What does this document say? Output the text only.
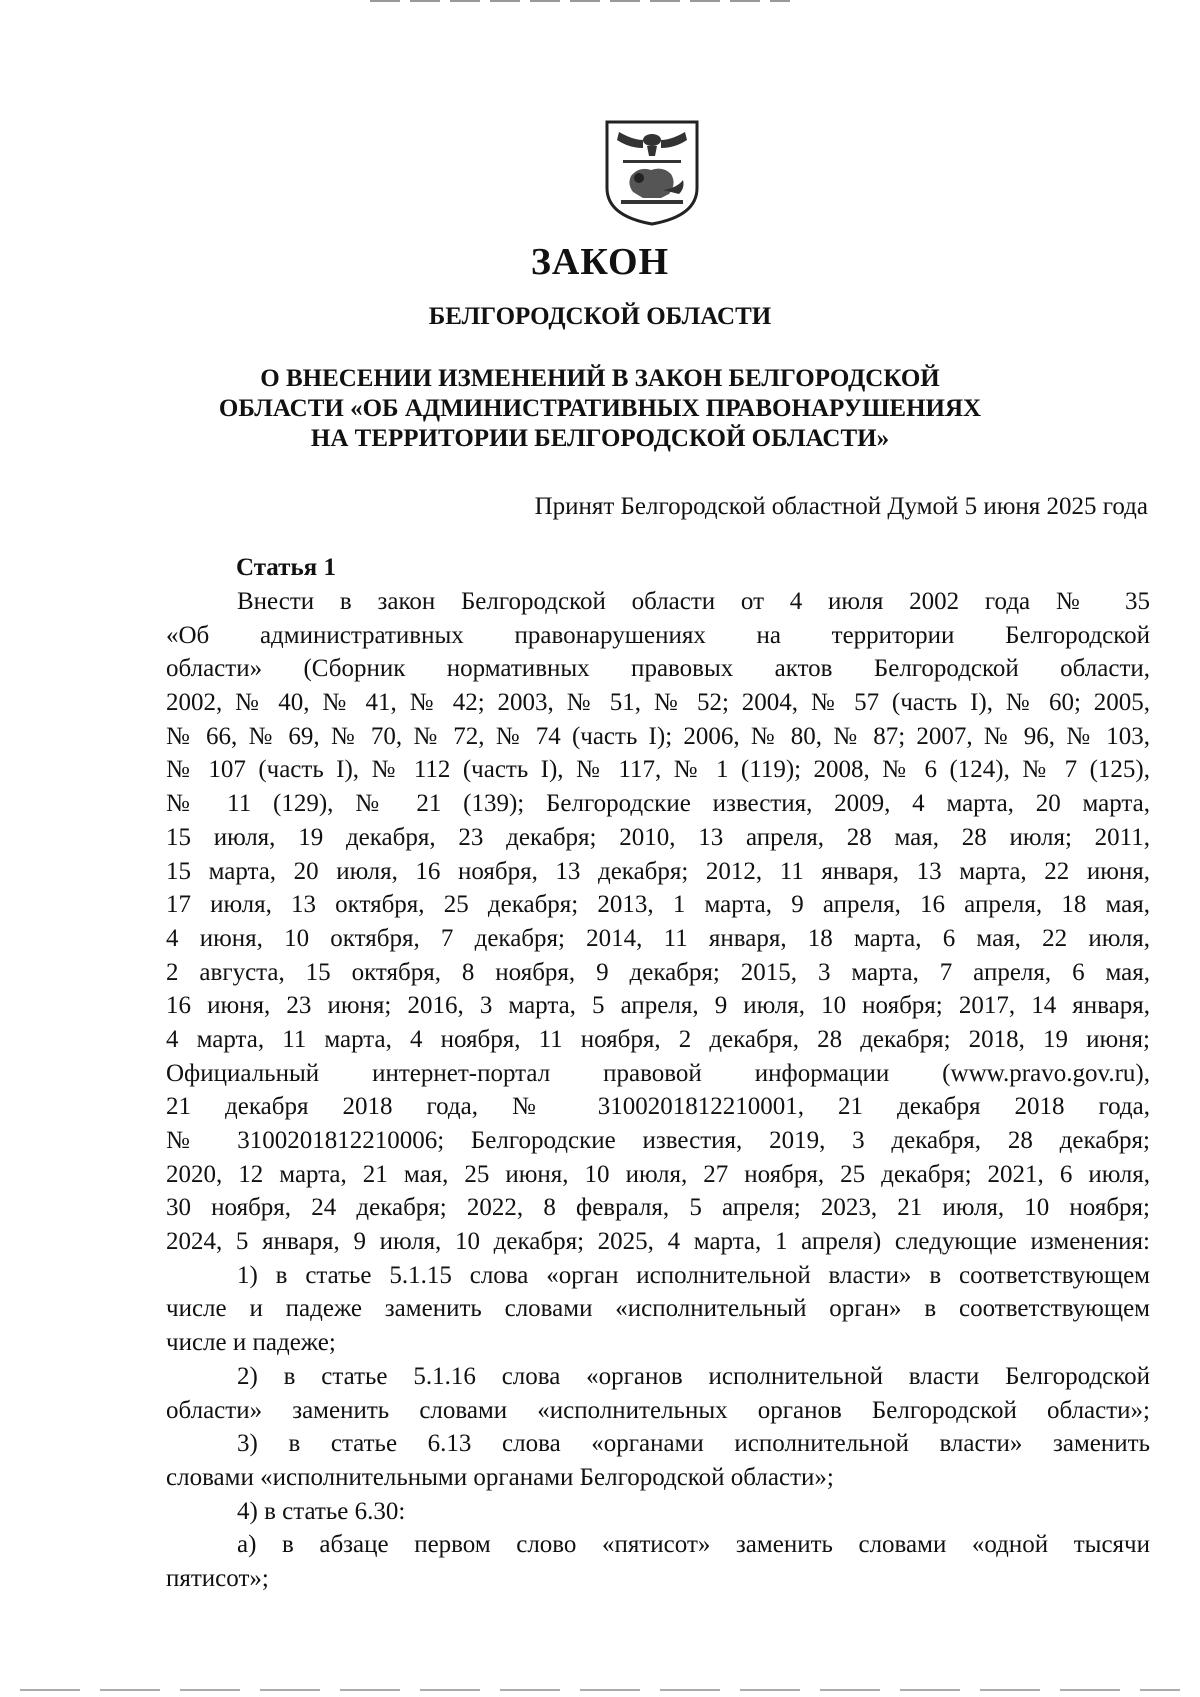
ЗАКОН
БЕЛГОРОДСКОЙ ОБЛАСТИ
О ВНЕСЕНИИ ИЗМЕНЕНИЙ В ЗАКОН БЕЛГОРОДСКОЙ
ОБЛАСТИ «ОБ АДМИНИСТРАТИВНЫХ ПРАВОНАРУШЕНИЯХ
НА ТЕРРИТОРИИ БЕЛГОРОДСКОЙ ОБЛАСТИ»
Принят Белгородской областной Думой 5 июня 2025 года
Статья 1
Внести в закон Белгородской области от 4 июля 2002 года № 35
«Об административных правонарушениях на территории Белгородской
области» (Сборник нормативных правовых актов Белгородской области,
2002, № 40, № 41, № 42; 2003, № 51, № 52; 2004, № 57 (часть I), № 60; 2005,
№ 66, № 69, № 70, № 72, № 74 (часть I); 2006, № 80, № 87; 2007, № 96, № 103,
№ 107 (часть I), № 112 (часть I), № 117, № 1 (119); 2008, № 6 (124), № 7 (125),
№ 11 (129), № 21 (139); Белгородские известия, 2009, 4 марта, 20 марта,
15 июля, 19 декабря, 23 декабря; 2010, 13 апреля, 28 мая, 28 июля; 2011,
15 марта, 20 июля, 16 ноября, 13 декабря; 2012, 11 января, 13 марта, 22 июня,
17 июля, 13 октября, 25 декабря; 2013, 1 марта, 9 апреля, 16 апреля, 18 мая,
4 июня, 10 октября, 7 декабря; 2014, 11 января, 18 марта, 6 мая, 22 июля,
2 августа, 15 октября, 8 ноября, 9 декабря; 2015, 3 марта, 7 апреля, 6 мая,
16 июня, 23 июня; 2016, 3 марта, 5 апреля, 9 июля, 10 ноября; 2017, 14 января,
4 марта, 11 марта, 4 ноября, 11 ноября, 2 декабря, 28 декабря; 2018, 19 июня;
Официальный интернет-портал правовой информации (www.pravo.gov.ru),
21 декабря 2018 года, № 3100201812210001, 21 декабря 2018 года,
№ 3100201812210006; Белгородские известия, 2019, 3 декабря, 28 декабря;
2020, 12 марта, 21 мая, 25 июня, 10 июля, 27 ноября, 25 декабря; 2021, 6 июля,
30 ноября, 24 декабря; 2022, 8 февраля, 5 апреля; 2023, 21 июля, 10 ноября;
2024, 5 января, 9 июля, 10 декабря; 2025, 4 марта, 1 апреля) следующие изменения:
1) в статье 5.1.15 слова «орган исполнительной власти» в соответствующем
числе и падеже заменить словами «исполнительный орган» в соответствующем
числе и падеже;
2) в статье 5.1.16 слова «органов исполнительной власти Белгородской
области» заменить словами «исполнительных органов Белгородской области»;
3) в статье 6.13 слова «органами исполнительной власти» заменить
словами «исполнительными органами Белгородской области»;
4) в статье 6.30:
а) в абзаце первом слово «пятисот» заменить словами «одной тысячи
пятисот»;
